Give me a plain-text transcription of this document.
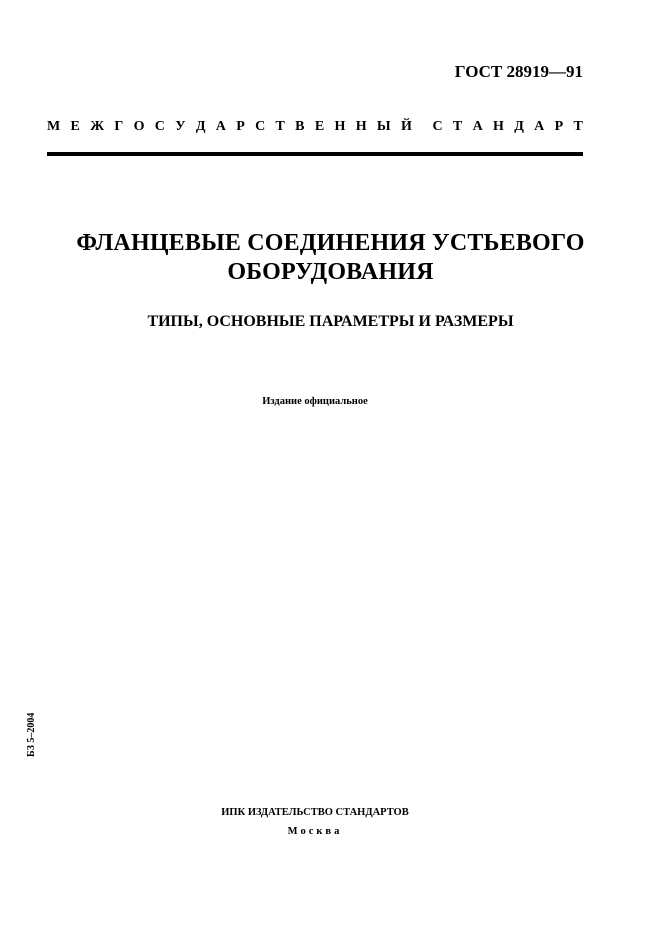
ГОСТ 28919—91
М Е Ж Г О С У Д А Р С Т В Е Н Н Ы Й С Т А Н Д А Р Т
ФЛАНЦЕВЫЕ СОЕДИНЕНИЯ УСТЬЕВОГО
ОБОРУДОВАНИЯ
ТИПЫ, ОСНОВНЫЕ ПАРАМЕТРЫ И РАЗМЕРЫ
Издание официальное
БЗ 5–2004
ИПК ИЗДАТЕЛЬСТВО СТАНДАРТОВ
Москва
